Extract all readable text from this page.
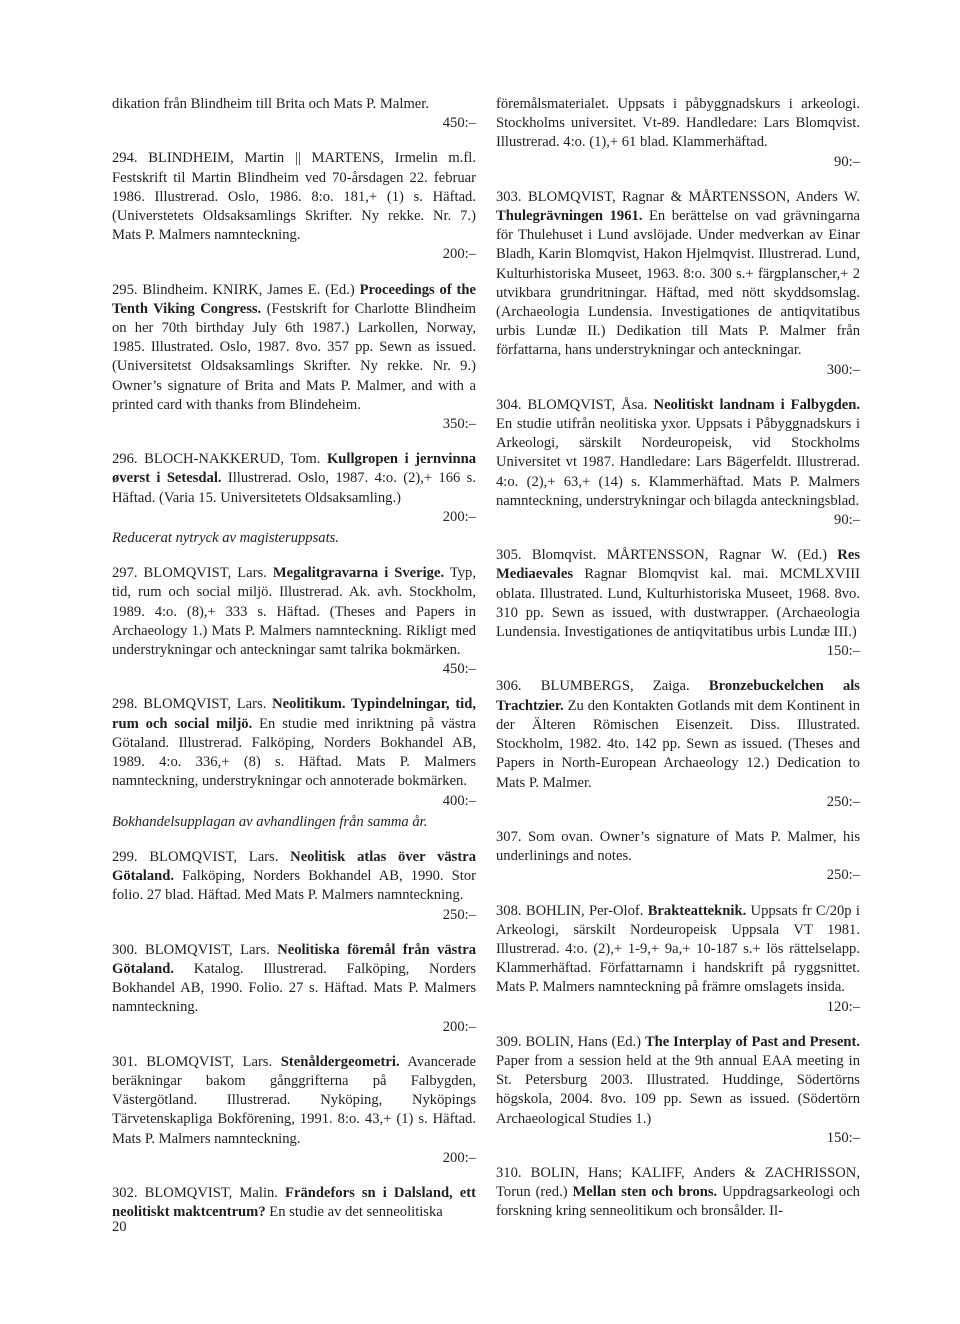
dikation från Blindheim till Brita och Mats P. Malmer.
450:–
294. BLINDHEIM, Martin || MARTENS, Irmelin m.fl. Festskrift til Martin Blindheim ved 70-årsdagen 22. februar 1986. Illustrerad. Oslo, 1986. 8:o. 181,+ (1) s. Häftad. (Universtetets Oldsaksamlings Skrifter. Ny rekke. Nr. 7.) Mats P. Malmers namnteckning.
200:–
295. Blindheim. KNIRK, James E. (Ed.) Proceedings of the Tenth Viking Congress. (Festskrift for Charlotte Blindheim on her 70th birthday July 6th 1987.) Larkollen, Norway, 1985. Illustrated. Oslo, 1987. 8vo. 357 pp. Sewn as issued. (Universitetst Oldsaksamlings Skrifter. Ny rekke. Nr. 9.) Owner’s signature of Brita and Mats P. Malmer, and with a printed card with thanks from Blindeheim.
350:–
296. BLOCH-NAKKERUD, Tom. Kullgropen i jernvinna øverst i Setesdal. Illustrerad. Oslo, 1987. 4:o. (2),+ 166 s. Häftad. (Varia 15. Universitetets Oldsaksamling.)
200:–
Reducerat nytryck av magisteruppsats.
297. BLOMQVIST, Lars. Megalitgravarna i Sverige. Typ, tid, rum och social miljö. Illustrerad. Ak. avh. Stockholm, 1989. 4:o. (8),+ 333 s. Häftad. (Theses and Papers in Archaeology 1.) Mats P. Malmers namnteckning. Rikligt med understrykningar och anteckningar samt talrika bokmärken.
450:–
298. BLOMQVIST, Lars. Neolitikum. Typindelningar, tid, rum och social miljö. En studie med inriktning på västra Götaland. Illustrerad. Falköping, Norders Bokhandel AB, 1989. 4:o. 336,+ (8) s. Häftad. Mats P. Malmers namnteckning, understrykningar och annoterade bokmärken.
400:–
Bokhandelsupplagan av avhandlingen från samma år.
299. BLOMQVIST, Lars. Neolitisk atlas över västra Götaland. Falköping, Norders Bokhandel AB, 1990. Stor folio. 27 blad. Häftad. Med Mats P. Malmers namnteckning.
250:–
300. BLOMQVIST, Lars. Neolitiska föremål från västra Götaland. Katalog. Illustrerad. Falköping, Norders Bokhandel AB, 1990. Folio. 27 s. Häftad. Mats P. Malmers namnteckning.
200:–
301. BLOMQVIST, Lars. Stenåldergeometri. Avancerade beräkningar bakom gånggrifterna på Falbygden, Västergötland. Illustrerad. Nyköping, Nyköpings Tärvetenskapliga Bokförening, 1991. 8:o. 43,+ (1) s. Häftad. Mats P. Malmers namnteckning.
200:–
302. BLOMQVIST, Malin. Frändefors sn i Dalsland, ett neolitiskt maktcentrum? En studie av det senneolitiska
föremålsmaterialet. Uppsats i påbyggnadskurs i arkeologi. Stockholms universitet. Vt-89. Handledare: Lars Blomqvist. Illustrerad. 4:o. (1),+ 61 blad. Klammerhäftad.
90:–
303. BLOMQVIST, Ragnar & MÅRTENSSON, Anders W. Thulegrävningen 1961. En berättelse on vad grävningarna för Thulehuset i Lund avslöjade. Under medverkan av Einar Bladh, Karin Blomqvist, Hakon Hjelmqvist. Illustrerad. Lund, Kulturhistoriska Museet, 1963. 8:o. 300 s.+ färgplanscher,+ 2 utvikbara grundritningar. Häftad, med nött skyddsomslag. (Archaeologia Lundensia. Investigationes de antiqvitatibus urbis Lundæ II.) Dedikation till Mats P. Malmer från författarna, hans understrykningar och anteckningar.
300:–
304. BLOMQVIST, Åsa. Neolitiskt landnam i Falbygden. En studie utifrån neolitiska yxor. Uppsats i Påbyggnadskurs i Arkeologi, särskilt Nordeuropeisk, vid Stockholms Universitet vt 1987. Handledare: Lars Bägerfeldt. Illustrerad. 4:o. (2),+ 63,+ (14) s. Klammerhäftad. Mats P. Malmers namnteckning, understrykningar och bilagda anteckningsblad.
90:–
305. Blomqvist. MÅRTENSSON, Ragnar W. (Ed.) Res Mediaevales Ragnar Blomqvist kal. mai. MCMLXVIII oblata. Illustrated. Lund, Kulturhistoriska Museet, 1968. 8vo. 310 pp. Sewn as issued, with dustwrapper. (Archaeologia Lundensia. Investigationes de antiqvitatibus urbis Lundæ III.)
150:–
306. BLUMBERGS, Zaiga. Bronzebuckelchen als Trachtzier. Zu den Kontakten Gotlands mit dem Kontinent in der Älteren Römischen Eisenzeit. Diss. Illustrated. Stockholm, 1982. 4to. 142 pp. Sewn as issued. (Theses and Papers in North-European Archaeology 12.) Dedication to Mats P. Malmer.
250:–
307. Som ovan. Owner’s signature of Mats P. Malmer, his underlinings and notes.
250:–
308. BOHLIN, Per-Olof. Brakteatteknik. Uppsats fr C/20p i Arkeologi, särskilt Nordeuropeisk Uppsala VT 1981. Illustrerad. 4:o. (2),+ 1-9,+ 9a,+ 10-187 s.+ lös rättelselapp. Klammerhäftad. Författarnamn i handskrift på ryggsnittet. Mats P. Malmers namnteckning på främre omslagets insida.
120:–
309. BOLIN, Hans (Ed.) The Interplay of Past and Present. Paper from a session held at the 9th annual EAA meeting in St. Petersburg 2003. Illustrated. Huddinge, Södertörns högskola, 2004. 8vo. 109 pp. Sewn as issued. (Södertörn Archaeological Studies 1.)
150:–
310. BOLIN, Hans; KALIFF, Anders & ZACHRISSON, Torun (red.) Mellan sten och brons. Uppdragsarkeologi och forskning kring senneolitikum och bronsålder. Il-
20
